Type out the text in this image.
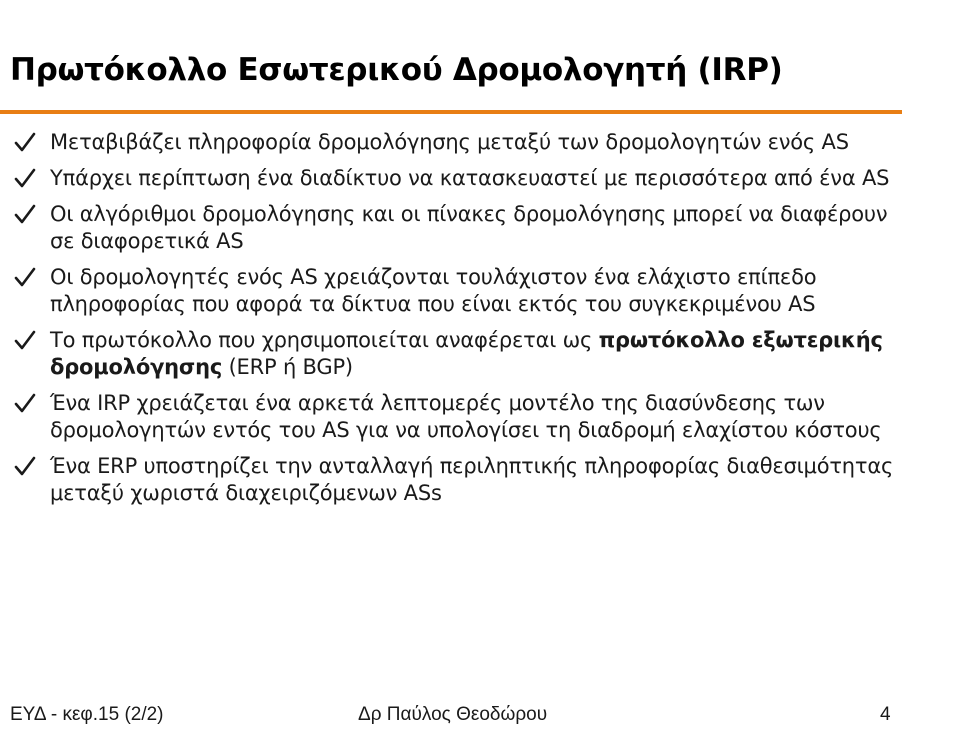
Πρωτόκολλο Εσωτερικού Δρομολογητή (IRP)
Μεταβιβάζει πληροφορία δρομολόγησης μεταξύ των δρομολογητών ενός AS
Υπάρχει περίπτωση ένα διαδίκτυο να κατασκευαστεί με περισσότερα από ένα AS
Οι αλγόριθμοι δρομολόγησης και οι πίνακες δρομολόγησης μπορεί να διαφέρουν σε διαφορετικά AS
Οι δρομολογητές ενός AS χρειάζονται τουλάχιστον ένα ελάχιστο επίπεδο πληροφορίας που αφορά τα δίκτυα που είναι εκτός του συγκεκριμένου AS
Το πρωτόκολλο που χρησιμοποιείται αναφέρεται ως πρωτόκολλο εξωτερικής δρομολόγησης (ERP ή BGP)
Ένα IRP χρειάζεται ένα αρκετά λεπτομερές μοντέλο της διασύνδεσης των δρομολογητών εντός του AS για να υπολογίσει τη διαδρομή ελαχίστου κόστους
Ένα ERP υποστηρίζει την ανταλλαγή περιληπτικής πληροφορίας διαθεσιμότητας μεταξύ χωριστά διαχειριζόμενων ASs
ΕΥΔ - κεφ.15 (2/2)	Δρ Παύλος Θεοδώρου	4
